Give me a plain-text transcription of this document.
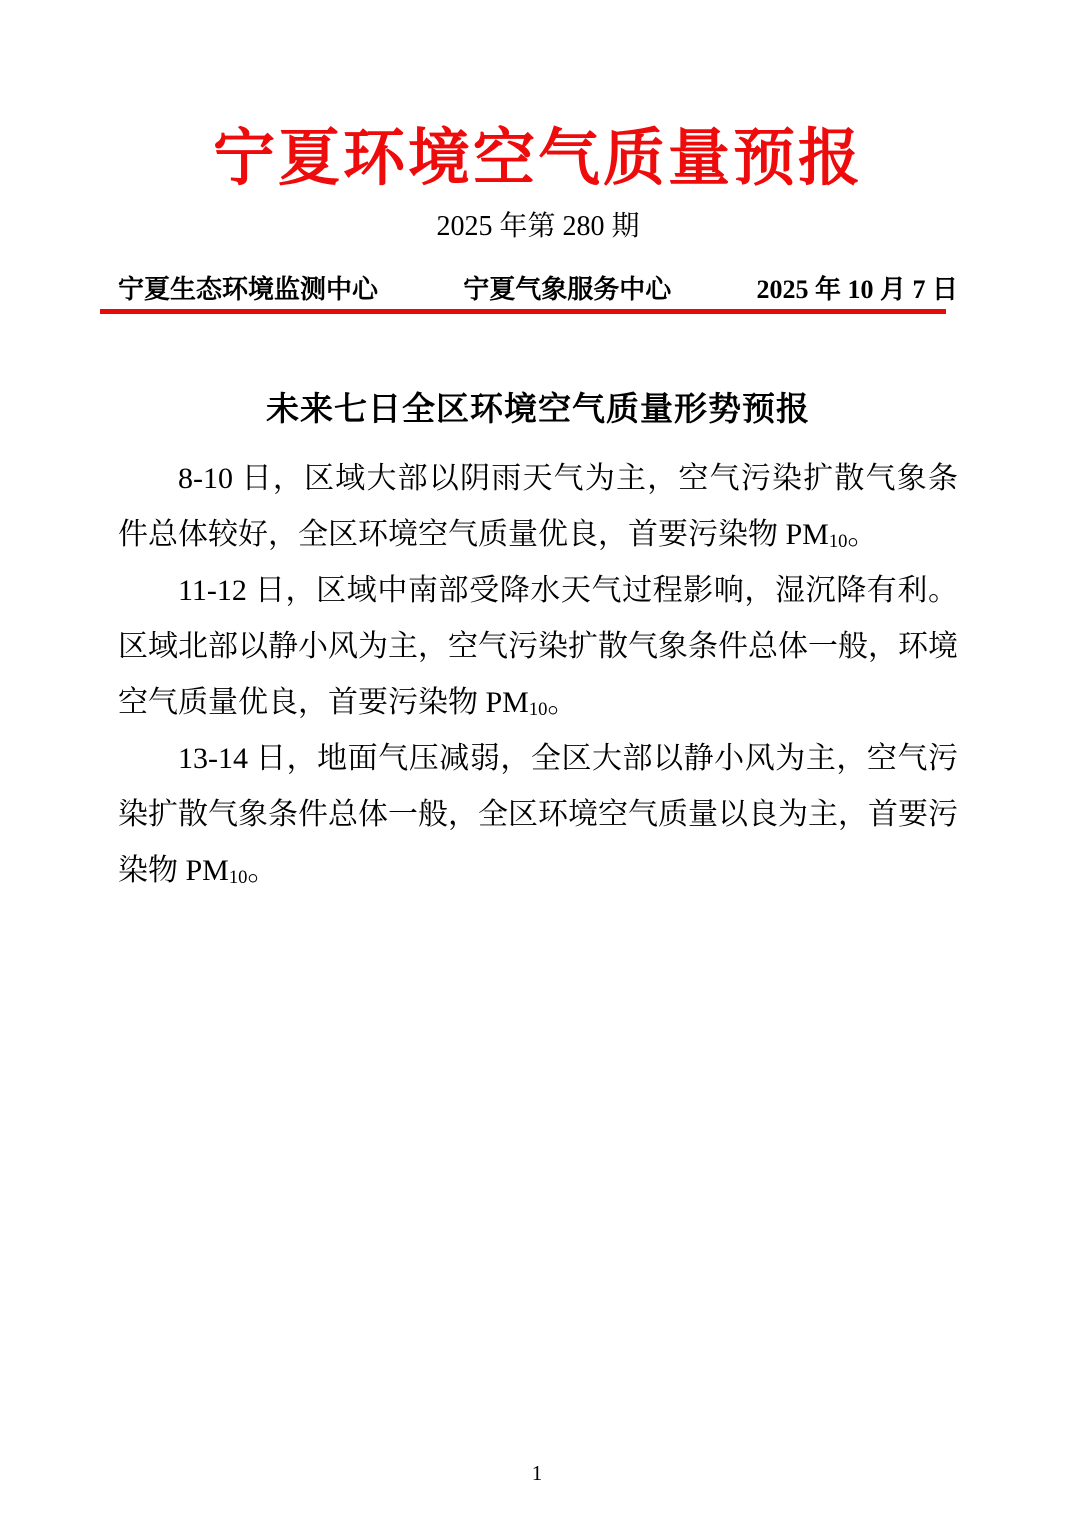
宁夏环境空气质量预报
2025 年第 280 期
宁夏生态环境监测中心	宁夏气象服务中心	2025 年 10 月 7 日
未来七日全区环境空气质量形势预报

8-10 日，区域大部以阴雨天气为主，空气污染扩散气象条件总体较好，全区环境空气质量优良，首要污染物 PM10。

11-12 日，区域中南部受降水天气过程影响，湿沉降有利。区域北部以静小风为主，空气污染扩散气象条件总体一般，环境空气质量优良，首要污染物 PM10。

13-14 日，地面气压减弱，全区大部以静小风为主，空气污染扩散气象条件总体一般，全区环境空气质量以良为主，首要污染物 PM10。

1
